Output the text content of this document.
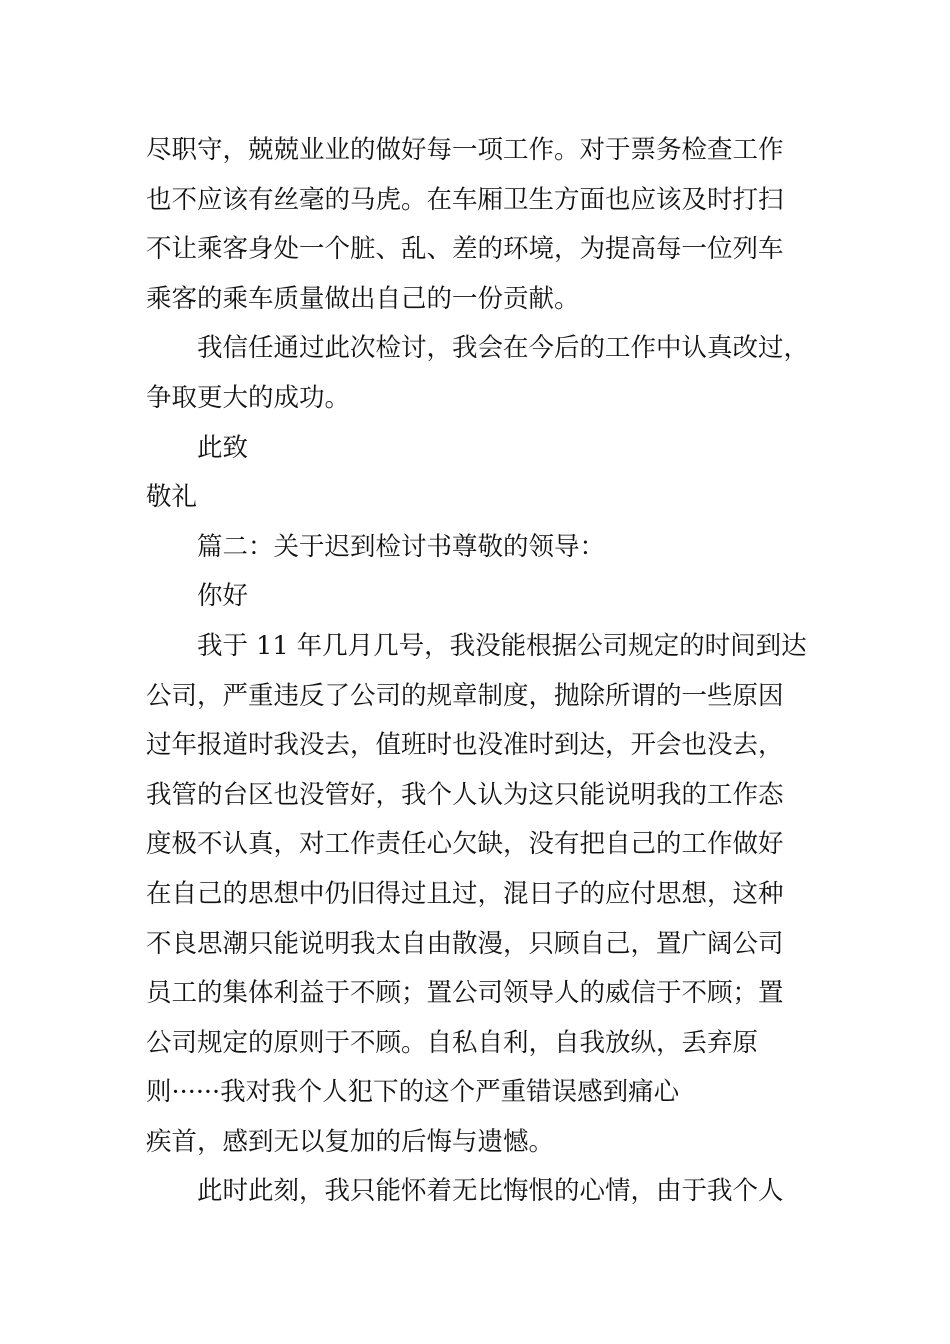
尽职守，兢兢业业的做好每一项工作。对于票务检查工作
也不应该有丝毫的马虎。在车厢卫生方面也应该及时打扫
不让乘客身处一个脏、乱、差的环境，为提高每一位列车
乘客的乘车质量做出自己的一份贡献。
我信任通过此次检讨，我会在今后的工作中认真改过，
争取更大的成功。
此致
敬礼
篇二：关于迟到检讨书尊敬的领导：
你好
我于 11 年几月几号，我没能根据公司规定的时间到达
公司，严重违反了公司的规章制度，抛除所谓的一些原因
过年报道时我没去，值班时也没准时到达，开会也没去，
我管的台区也没管好，我个人认为这只能说明我的工作态
度极不认真，对工作责任心欠缺，没有把自己的工作做好
在自己的思想中仍旧得过且过，混日子的应付思想，这种
不良思潮只能说明我太自由散漫，只顾自己，置广阔公司
员工的集体利益于不顾；置公司领导人的威信于不顾；置
公司规定的原则于不顾。自私自利，自我放纵，丢弃原
则······我对我个人犯下的这个严重错误感到痛心
疾首，感到无以复加的后悔与遗憾。
此时此刻，我只能怀着无比悔恨的心情，由于我个人
